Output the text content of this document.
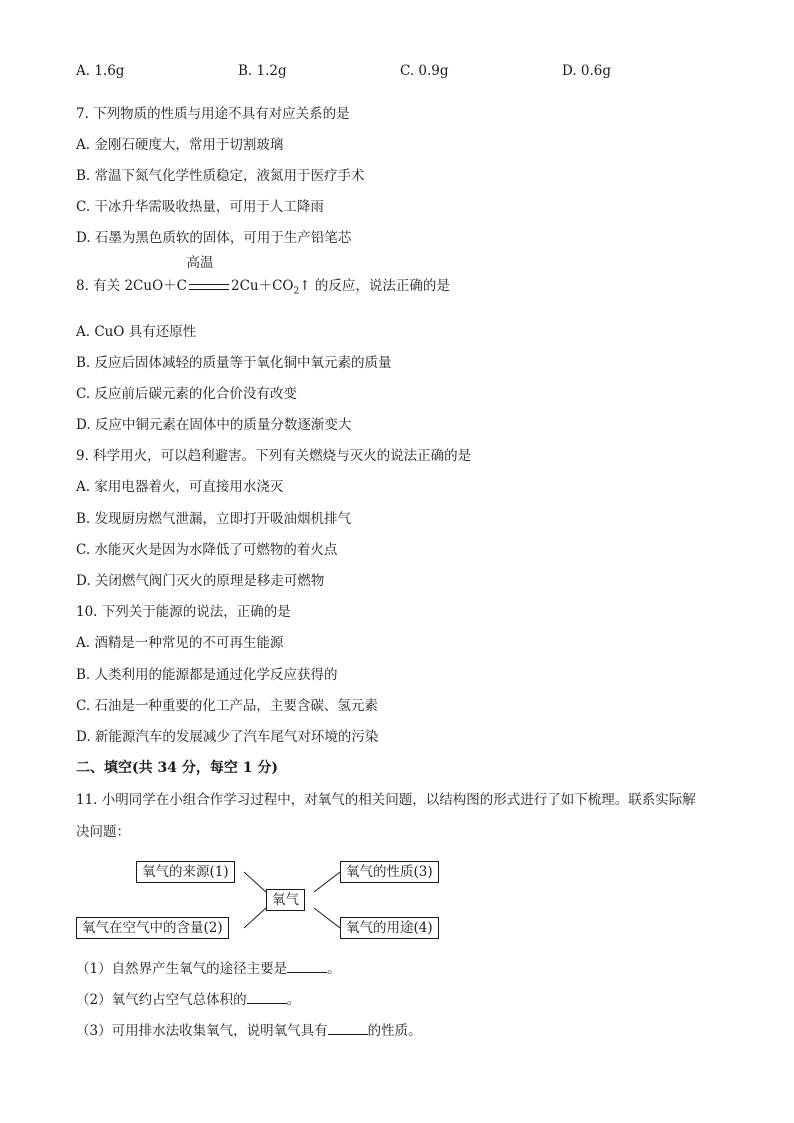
A. 1.6g	B. 1.2g	C. 0.9g	D. 0.6g
7. 下列物质的性质与用途不具有对应关系的是
A. 金刚石硬度大，常用于切割玻璃
B. 常温下氮气化学性质稳定，液氮用于医疗手术
C. 干冰升华需吸收热量，可用于人工降雨
D. 石墨为黑色质软的固体，可用于生产铅笔芯
8. 有关
高温
2CuO＋C	$2Cu+CO_2↑$ 的反应，说法正确的是
A. CuO 具有还原性
B. 反应后固体减轻的质量等于氧化铜中氧元素的质量
C. 反应前后碳元素的化合价没有改变
D. 反应中铜元素在固体中的质量分数逐渐变大
9. 科学用火，可以趋利避害。下列有关燃烧与灭火的说法正确的是
A. 家用电器着火，可直接用水浇灭
B. 发现厨房燃气泄漏，立即打开吸油烟机排气
C. 水能灭火是因为水降低了可燃物的着火点
D. 关闭燃气阀门灭火的原理是移走可燃物
10. 下列关于能源的说法，正确的是
A. 酒精是一种常见的不可再生能源
B. 人类利用的能源都是通过化学反应获得的
C. 石油是一种重要的化工产品，主要含碳、氢元素
D. 新能源汽车的发展减少了汽车尾气对环境的污染
二、填空(共 34 分，每空 1 分)
11. 小明同学在小组合作学习过程中，对氧气的相关问题，以结构图的形式进行了如下梳理。联系实际解
决问题：
氧气的来源(1)
氧气在空气中的含量(2)
氧气
氧气的性质(3)
氧气的用途(4)
（1）自然界产生氧气的途径主要是	。
（2）氧气约占空气总体积的	。
（3）可用排水法收集氧气，说明氧气具有	的性质。
